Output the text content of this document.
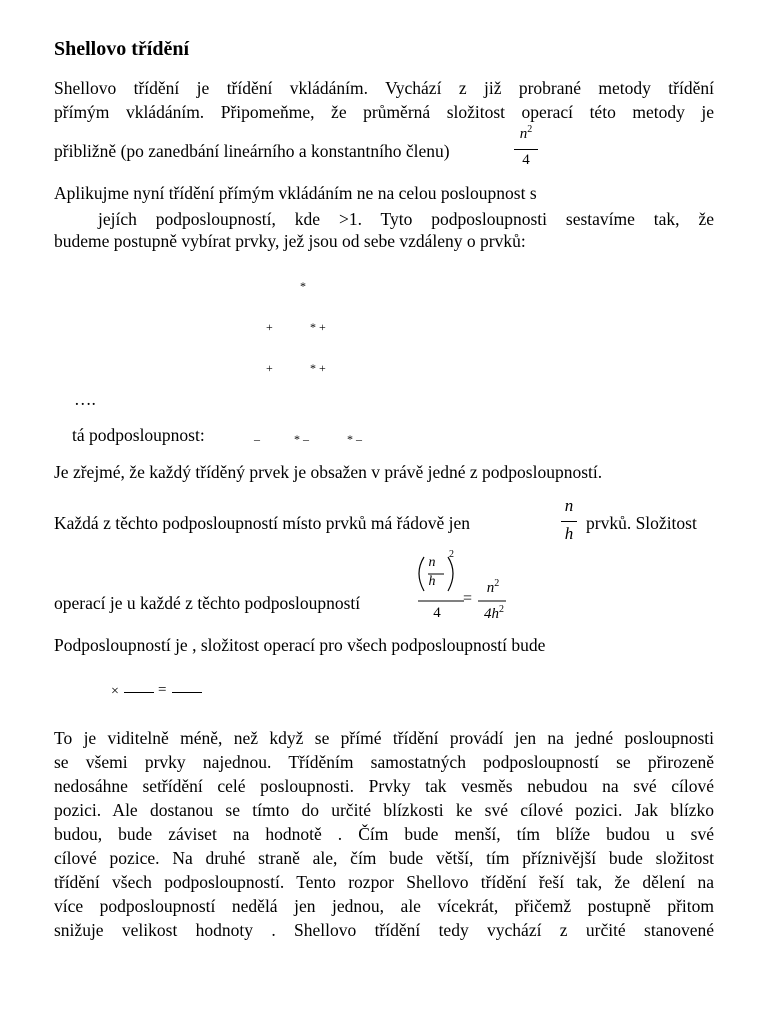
Shellovo třídění
Shellovo třídění je třídění vkládáním. Vychází z již probrané metody třídění
přímým vkládáním. Připomeňme, že průměrná složitost operací této metody je
přibližně (po zanedbání lineárního a konstantního členu)
$n^2$
4
Aplikujme nyní třídění přímým vkládáním ne na celou posloupnost s
jejích podposloupností, kde >1. Tyto podposloupnosti sestavíme tak, že
budeme postupně vybírat prvky, jež jsou od sebe vzdáleny o prvků:
*
+	* +
+	* +
….
tá podposloupnost:	–	* –	* –
Je zřejmé, že každý tříděný prvek je obsažen v právě jedné z podposloupností.
Každá z těchto podposloupností místo prvků má řádově jen
n
h
prvků. Složitost
operací je u každé z těchto podposloupností
n
h
2
4
=
$n^2$
$4h^2$
Podposloupností je , složitost operací pro všech podposloupností bude
×	=
To je viditelně méně, než když se přímé třídění provádí jen na jedné posloupnosti
se všemi prvky najednou. Tříděním samostatných podposloupností se přirozeně
nedosáhne setřídění celé posloupnosti. Prvky tak vesměs nebudou na své cílové
pozici. Ale dostanou se tímto do určité blízkosti ke své cílové pozici. Jak blízko
budou, bude záviset na hodnotě . Čím bude menší, tím blíže budou u své
cílové pozice. Na druhé straně ale, čím bude větší, tím příznivější bude složitost
třídění všech podposloupností. Tento rozpor Shellovo třídění řeší tak, že dělení na
více podposloupností nedělá jen jednou, ale vícekrát, přičemž postupně přitom
snižuje velikost hodnoty . Shellovo třídění tedy vychází z určité stanovené
